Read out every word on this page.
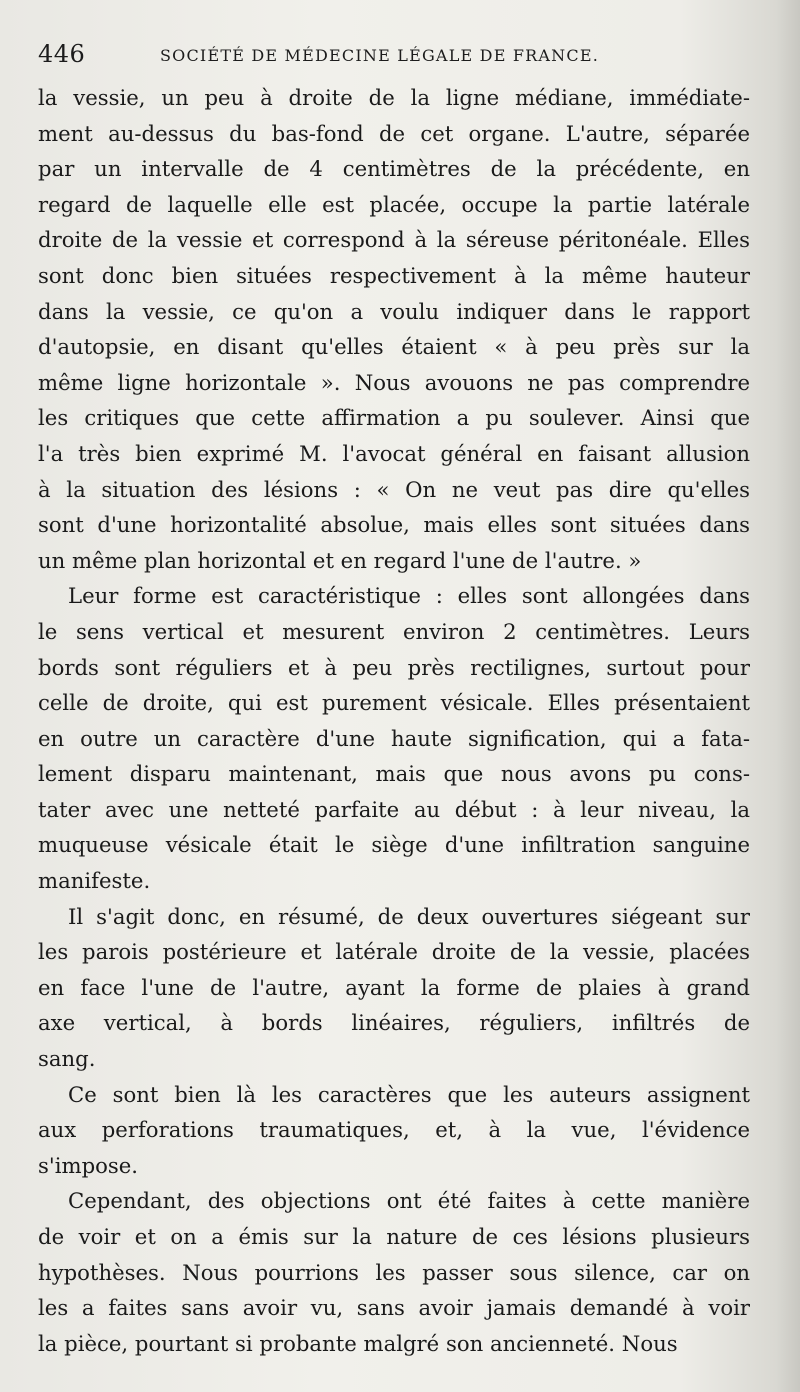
446	SOCIÉTÉ DE MÉDECINE LÉGALE DE FRANCE.
la vessie, un peu à droite de la ligne médiane, immédiate-
ment au-dessus du bas-fond de cet organe. L'autre, séparée
par un intervalle de 4 centimètres de la précédente, en
regard de laquelle elle est placée, occupe la partie latérale
droite de la vessie et correspond à la séreuse péritonéale. Elles
sont donc bien situées respectivement à la même hauteur
dans la vessie, ce qu'on a voulu indiquer dans le rapport
d'autopsie, en disant qu'elles étaient « à peu près sur la
même ligne horizontale ». Nous avouons ne pas comprendre
les critiques que cette affirmation a pu soulever. Ainsi que
l'a très bien exprimé M. l'avocat général en faisant allusion
à la situation des lésions : « On ne veut pas dire qu'elles
sont d'une horizontalité absolue, mais elles sont situées dans
un même plan horizontal et en regard l'une de l'autre. »
Leur forme est caractéristique : elles sont allongées dans
le sens vertical et mesurent environ 2 centimètres. Leurs
bords sont réguliers et à peu près rectilignes, surtout pour
celle de droite, qui est purement vésicale. Elles présentaient
en outre un caractère d'une haute signification, qui a fata-
lement disparu maintenant, mais que nous avons pu cons-
tater avec une netteté parfaite au début : à leur niveau, la
muqueuse vésicale était le siège d'une infiltration sanguine
manifeste.
Il s'agit donc, en résumé, de deux ouvertures siégeant sur
les parois postérieure et latérale droite de la vessie, placées
en face l'une de l'autre, ayant la forme de plaies à grand
axe vertical, à bords linéaires, réguliers, infiltrés de
sang.
Ce sont bien là les caractères que les auteurs assignent
aux perforations traumatiques, et, à la vue, l'évidence
s'impose.
Cependant, des objections ont été faites à cette manière
de voir et on a émis sur la nature de ces lésions plusieurs
hypothèses. Nous pourrions les passer sous silence, car on
les a faites sans avoir vu, sans avoir jamais demandé à voir
la pièce, pourtant si probante malgré son ancienneté. Nous
